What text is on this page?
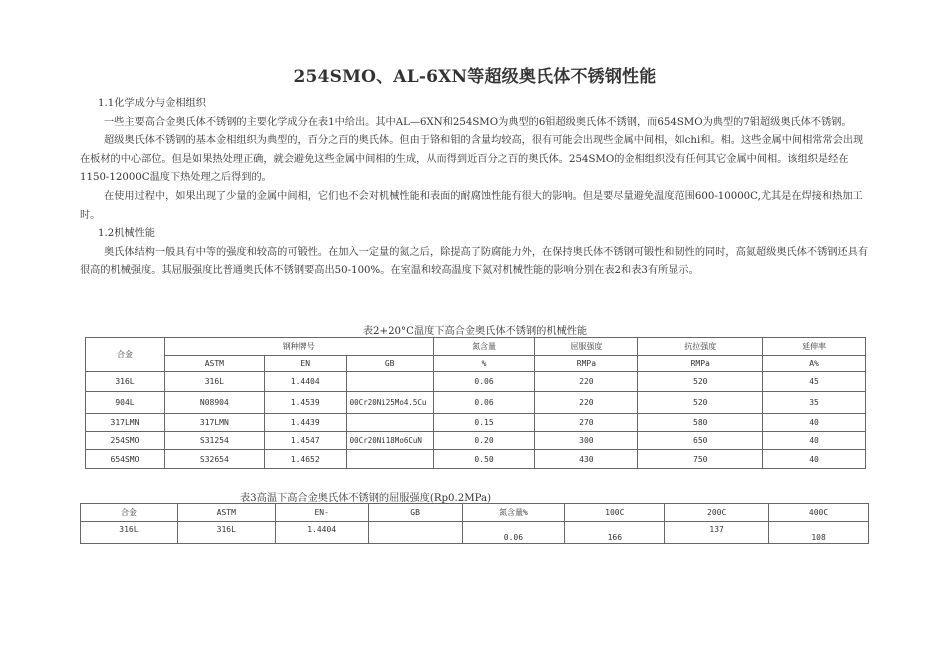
254SMO、AL-6XN等超级奥氏体不锈钢性能

1.1化学成分与金相组织

一些主要高合金奥氏体不锈钢的主要化学成分在表1中给出。其中AL—6XN和254SMO为典型的6钼超级奥氏体不锈钢，而654SMO为典型的7钼超级奥氏体不锈钢。

超级奥氏体不锈钢的基本金相组织为典型的，百分之百的奥氏体。但由于铬和钼的含量均较高，很有可能会出现些金属中间相，如chi和。相。这些金属中间相常常会出现在板材的中心部位。但是如果热处理正确，就会避免这些金属中间相的生成，从而得到近百分之百的奥氏体。254SMO的金相组织没有任何其它金属中间相。该组织是经在1150-12000C温度下热处理之后得到的。

在使用过程中，如果出现了少量的金属中间相，它们也不会对机械性能和表面的耐腐蚀性能有很大的影响。但是要尽量避免温度范围600-10000C,尤其是在焊接和热加工时。

1.2机械性能

奥氏体结构一般具有中等的强度和较高的可锻性。在加入一定量的氮之后，除提高了防腐能力外，在保持奥氏体不锈钢可锻性和韧性的同时，高氮超级奥氏体不锈钢还具有很高的机械强度。其屈服强度比普通奥氏体不锈钢要高出50-100%。在室温和较高温度下氮对机械性能的影响分别在表2和表3有所显示。

表2+20°C温度下高合金奥氏体不锈钢的机械性能
合金	钢种牌号			氮含量	屈服强度	抗拉强度	延伸率
	ASTM	EN	GB	%	RMPa	RMPa	A%
316L	316L	1.4404		0.06	220	520	45
904L	N08904	1.4539	00Cr20Ni25Mo4.5Cu	0.06	220	520	35
317LMN	317LMN	1.4439		0.15	270	580	40
254SMO	S31254	1.4547	00Cr20Ni18Mo6CuN	0.20	300	650	40
654SMO	S32654	1.4652		0.50	430	750	40
表3高温下高合金奥氏体不锈钢的屈服强度(Rp0.2MPa)
合金	ASTM	EN-	GB	氮含量%	100C	200C	400C
316L	316L	1.4404		0.06	166	137	108
